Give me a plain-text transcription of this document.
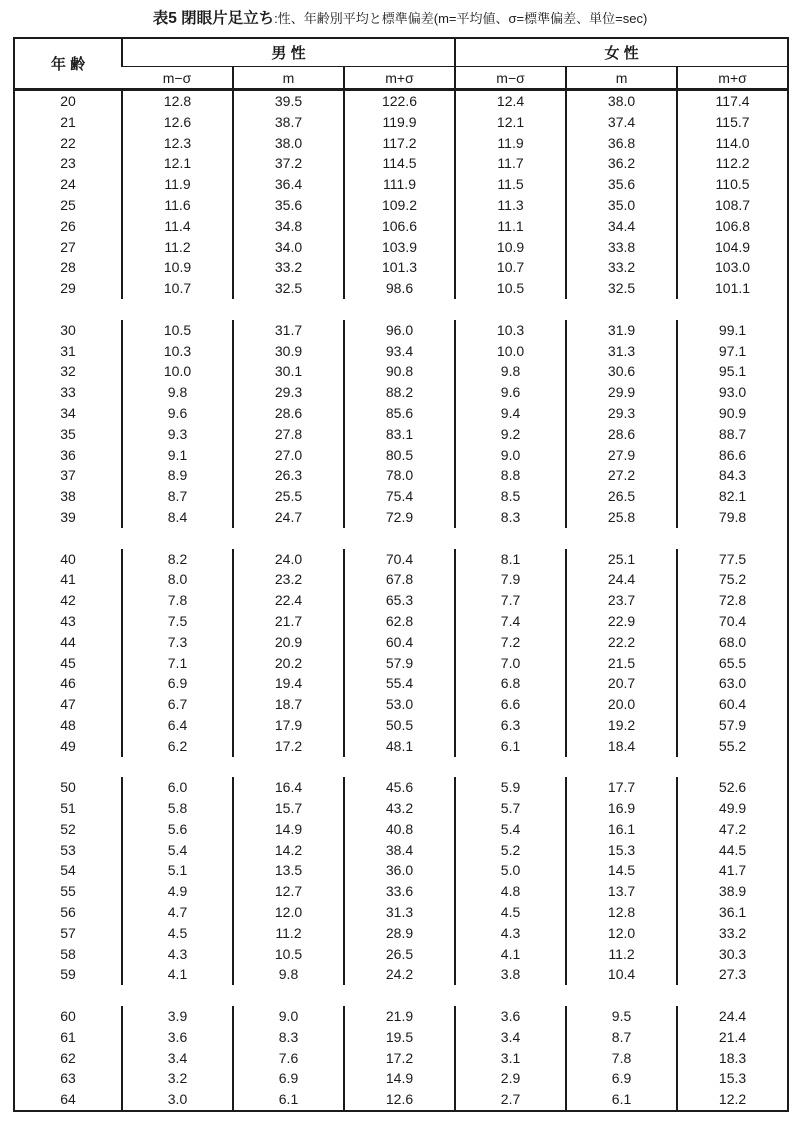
表5 閉眼片足立ち:性、年齢別平均と標準偏差(m=平均値、σ=標準偏差、単位=sec)
年 齢	男 性			女 性		
	m−σ	m	m+σ	m−σ	m	m+σ
20	12.8	39.5	122.6	12.4	38.0	117.4
21	12.6	38.7	119.9	12.1	37.4	115.7
22	12.3	38.0	117.2	11.9	36.8	114.0
23	12.1	37.2	114.5	11.7	36.2	112.2
24	11.9	36.4	111.9	11.5	35.6	110.5
25	11.6	35.6	109.2	11.3	35.0	108.7
26	11.4	34.8	106.6	11.1	34.4	106.8
27	11.2	34.0	103.9	10.9	33.8	104.9
28	10.9	33.2	101.3	10.7	33.2	103.0
29	10.7	32.5	98.6	10.5	32.5	101.1

30	10.5	31.7	96.0	10.3	31.9	99.1
31	10.3	30.9	93.4	10.0	31.3	97.1
32	10.0	30.1	90.8	9.8	30.6	95.1
33	9.8	29.3	88.2	9.6	29.9	93.0
34	9.6	28.6	85.6	9.4	29.3	90.9
35	9.3	27.8	83.1	9.2	28.6	88.7
36	9.1	27.0	80.5	9.0	27.9	86.6
37	8.9	26.3	78.0	8.8	27.2	84.3
38	8.7	25.5	75.4	8.5	26.5	82.1
39	8.4	24.7	72.9	8.3	25.8	79.8

40	8.2	24.0	70.4	8.1	25.1	77.5
41	8.0	23.2	67.8	7.9	24.4	75.2
42	7.8	22.4	65.3	7.7	23.7	72.8
43	7.5	21.7	62.8	7.4	22.9	70.4
44	7.3	20.9	60.4	7.2	22.2	68.0
45	7.1	20.2	57.9	7.0	21.5	65.5
46	6.9	19.4	55.4	6.8	20.7	63.0
47	6.7	18.7	53.0	6.6	20.0	60.4
48	6.4	17.9	50.5	6.3	19.2	57.9
49	6.2	17.2	48.1	6.1	18.4	55.2

50	6.0	16.4	45.6	5.9	17.7	52.6
51	5.8	15.7	43.2	5.7	16.9	49.9
52	5.6	14.9	40.8	5.4	16.1	47.2
53	5.4	14.2	38.4	5.2	15.3	44.5
54	5.1	13.5	36.0	5.0	14.5	41.7
55	4.9	12.7	33.6	4.8	13.7	38.9
56	4.7	12.0	31.3	4.5	12.8	36.1
57	4.5	11.2	28.9	4.3	12.0	33.2
58	4.3	10.5	26.5	4.1	11.2	30.3
59	4.1	9.8	24.2	3.8	10.4	27.3

60	3.9	9.0	21.9	3.6	9.5	24.4
61	3.6	8.3	19.5	3.4	8.7	21.4
62	3.4	7.6	17.2	3.1	7.8	18.3
63	3.2	6.9	14.9	2.9	6.9	15.3
64	3.0	6.1	12.6	2.7	6.1	12.2
